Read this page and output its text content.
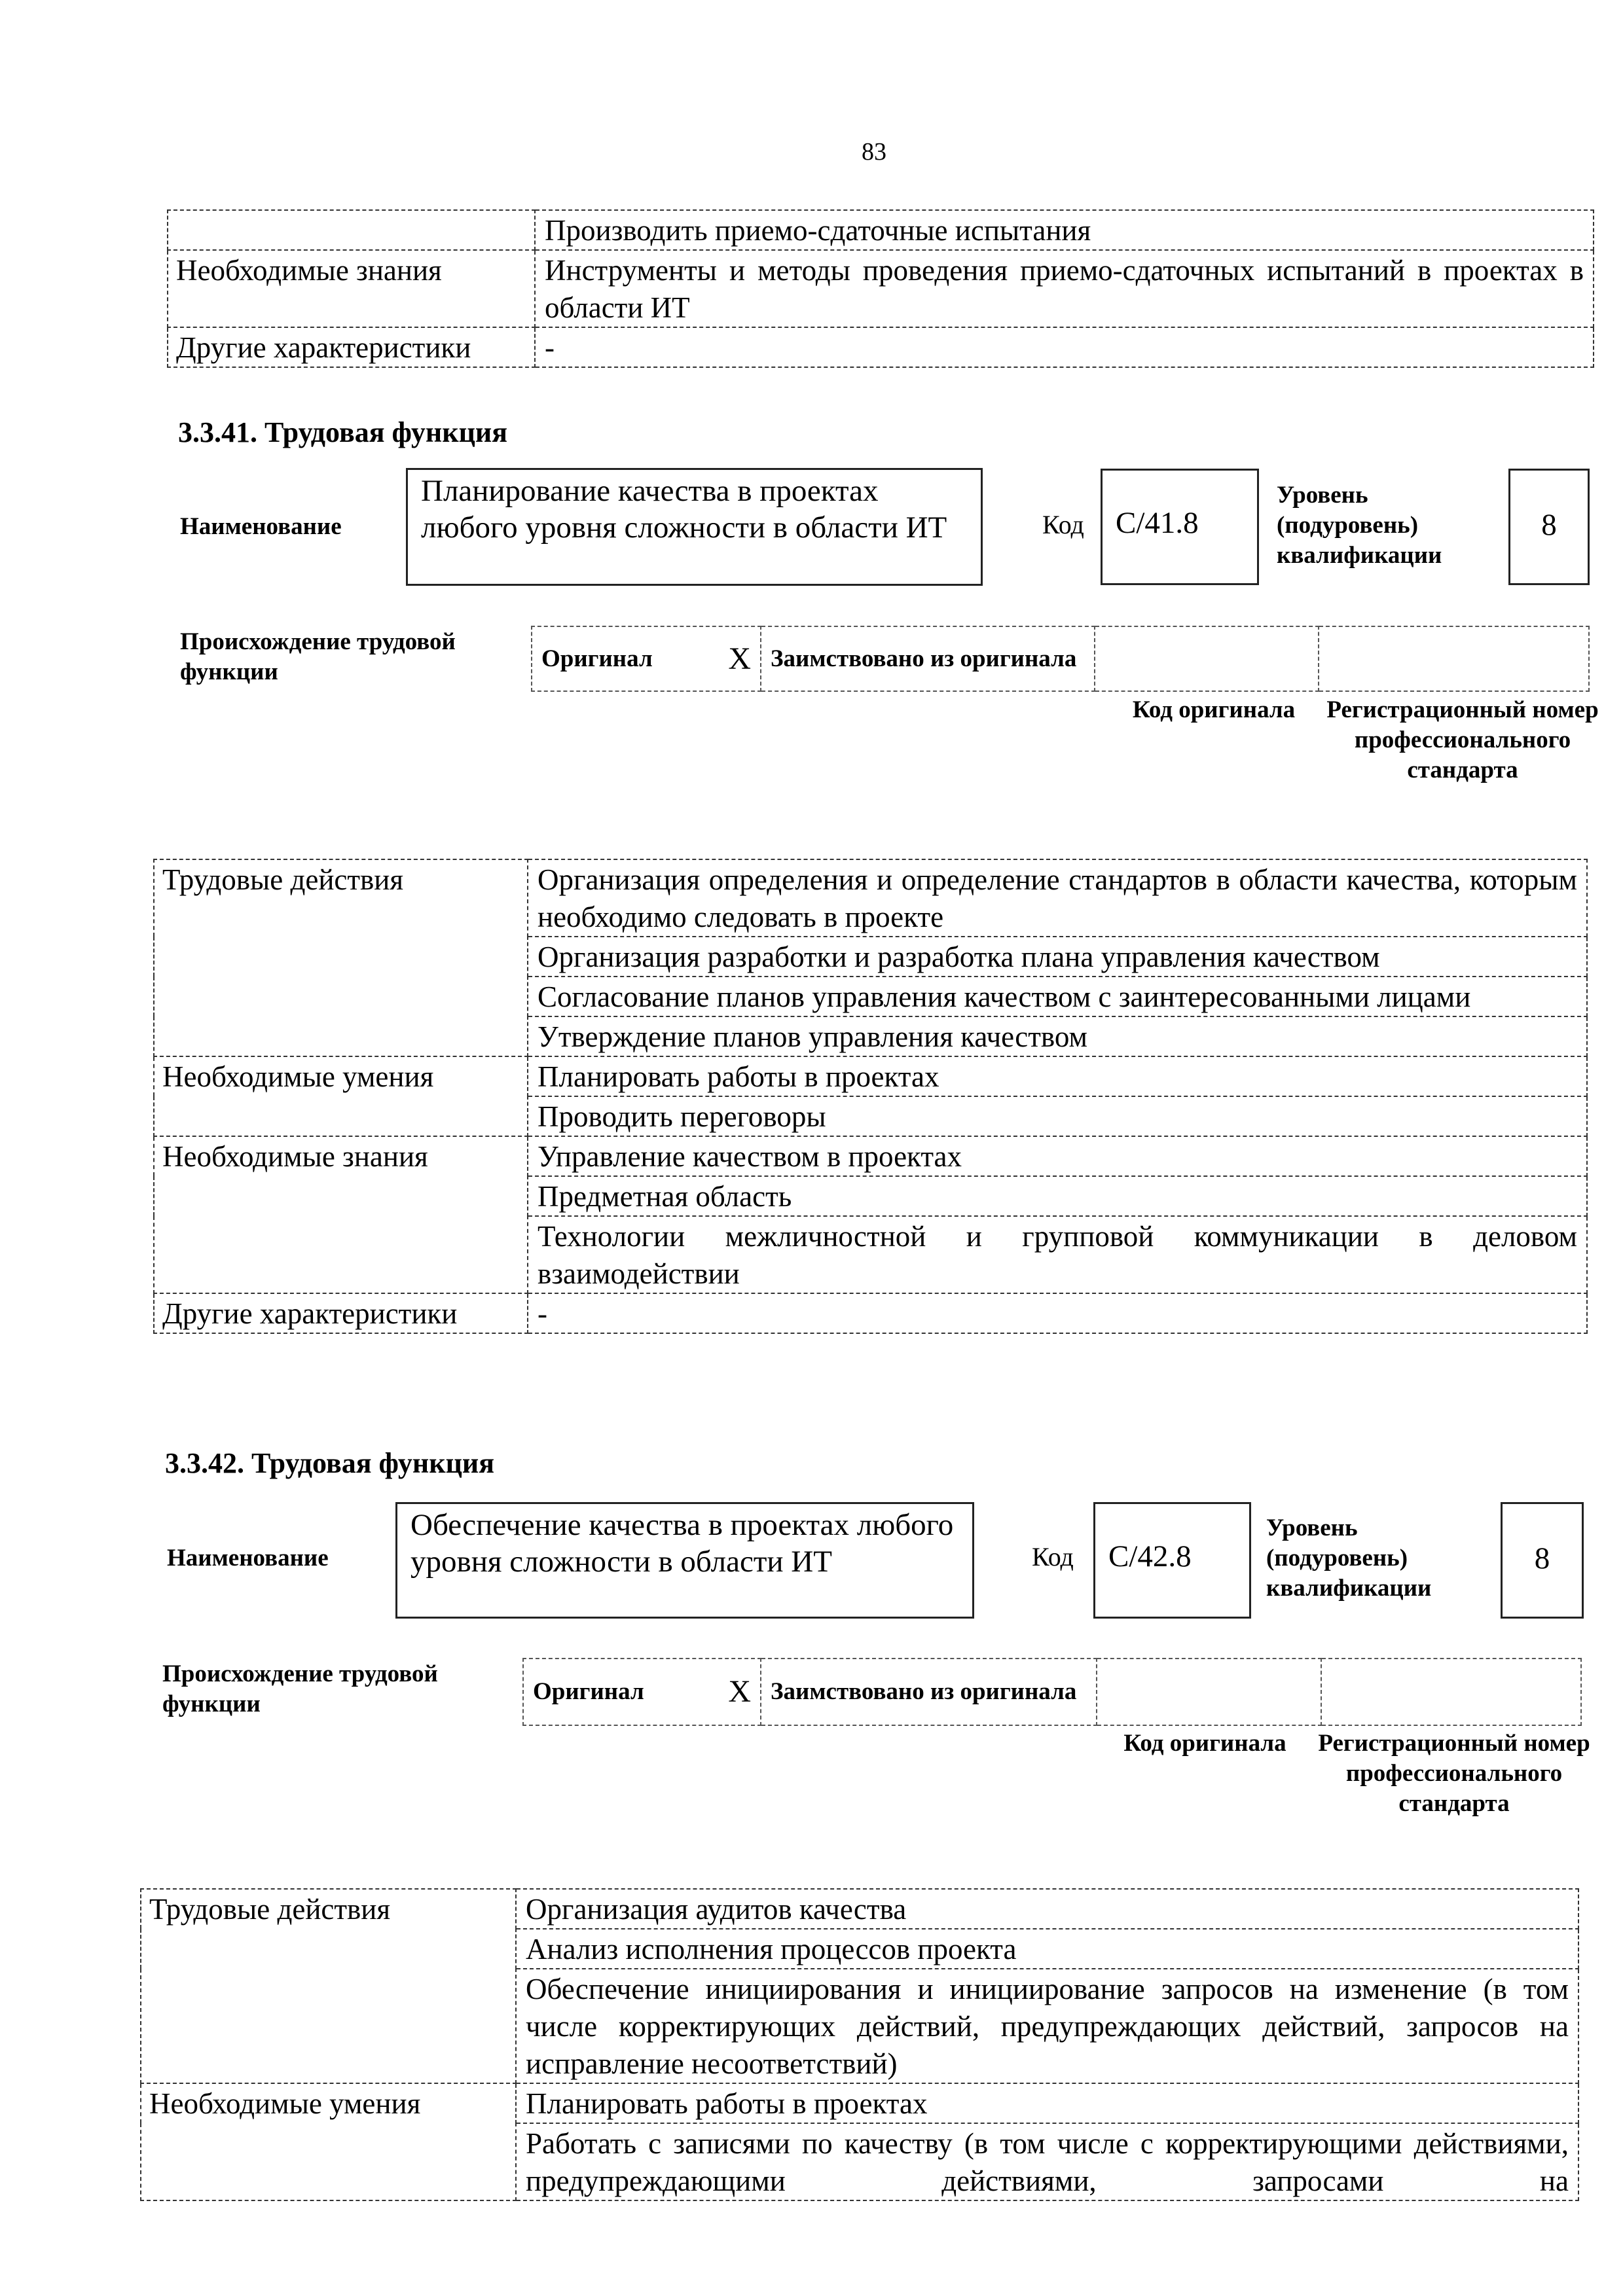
83
	Производить приемо-сдаточные испытания
Необходимые знания	Инструменты и методы проведения приемо-сдаточных испытаний в проектах в области ИТ
Другие характеристики	-
3.3.41. Трудовая функция
Наименование
Планирование качества в проектах любого уровня сложности в области ИТ	Код	C/41.8
Уровень (подуровень) квалификации
8
Происхождение трудовой функции	Оригинал X	Заимствовано из оригинала		
Код оригинала	Регистрационный номер профессионального стандарта
Трудовые действия	Организация определения и определение стандартов в области качества, которым необходимо следовать в проекте
	Организация разработки и разработка плана управления качеством
	Согласование планов управления качеством с заинтересованными лицами
	Утверждение планов управления качеством
Необходимые умения	Планировать работы в проектах
	Проводить переговоры
Необходимые знания	Управление качеством в проектах
	Предметная область
	Технологии межличностной и групповой коммуникации в деловом взаимодействии
Другие характеристики	-
3.3.42. Трудовая функция
Наименование
Обеспечение качества в проектах любого уровня сложности в области ИТ	Код	C/42.8
Уровень (подуровень) квалификации
8
Происхождение трудовой функции	Оригинал	X	Заимствовано из оригинала		
Код оригинала	Регистрационный номер профессионального стандарта
Трудовые действия	Организация аудитов качества
	Анализ исполнения процессов проекта
	Обеспечение инициирования и инициирование запросов на изменение (в том числе корректирующих действий, предупреждающих действий, запросов на исправление несоответствий)
Необходимые умения	Планировать работы в проектах
	Работать с записями по качеству (в том числе с корректирующими действиями, предупреждающими действиями, запросами на
